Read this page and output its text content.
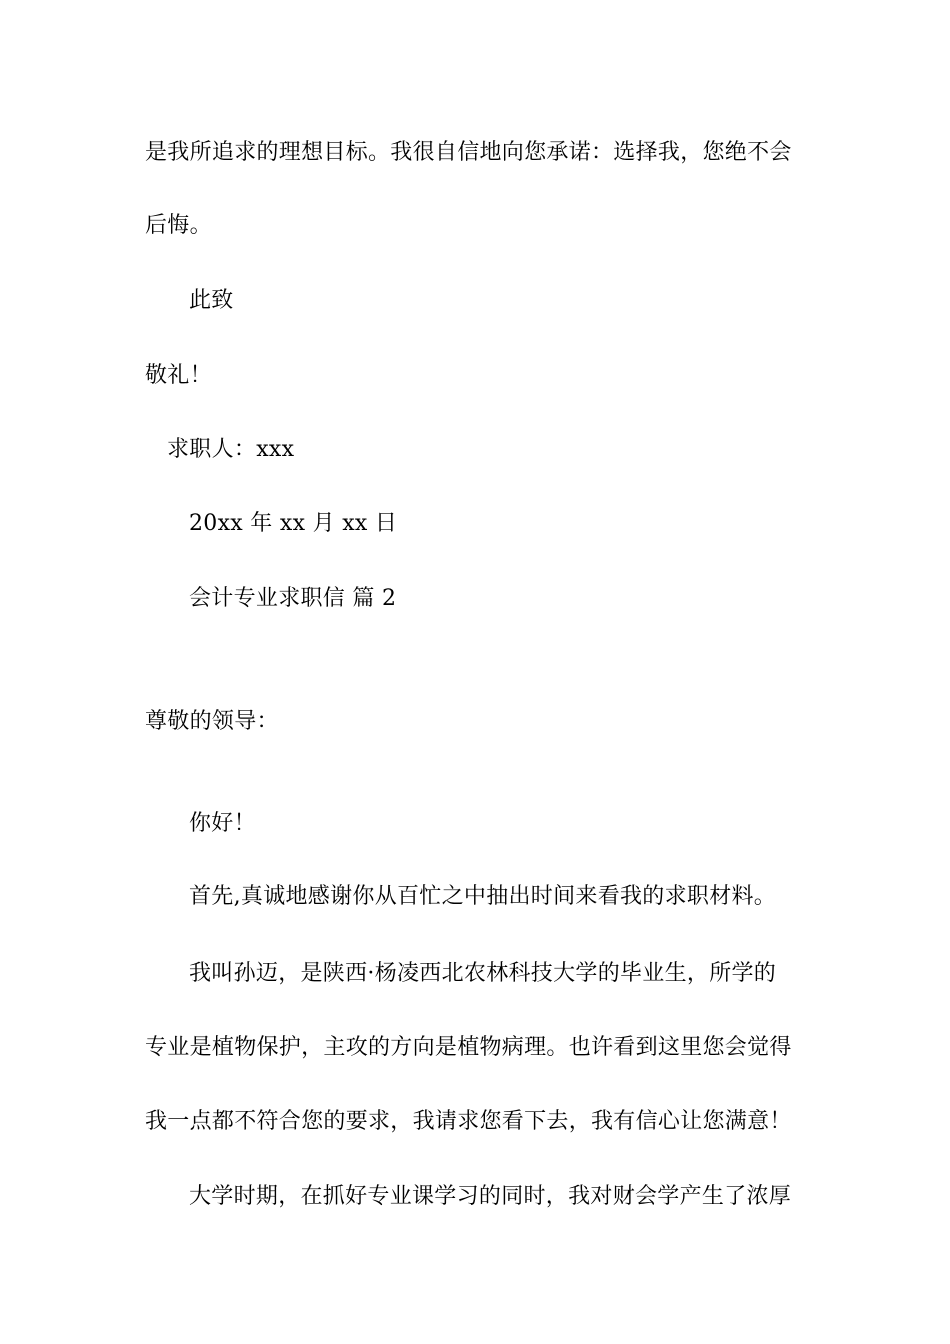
是我所追求的理想目标。我很自信地向您承诺：选择我，您绝不会
后悔。
此致
敬礼！
求职人：xxx
20xx 年 xx 月 xx 日
会计专业求职信 篇 2
尊敬的领导：
你好！
首先,真诚地感谢你从百忙之中抽出时间来看我的求职材料。
我叫孙迈，是陕西·杨凌西北农林科技大学的毕业生，所学的
专业是植物保护，主攻的方向是植物病理。也许看到这里您会觉得
我一点都不符合您的要求，我请求您看下去，我有信心让您满意！
大学时期，在抓好专业课学习的同时，我对财会学产生了浓厚
